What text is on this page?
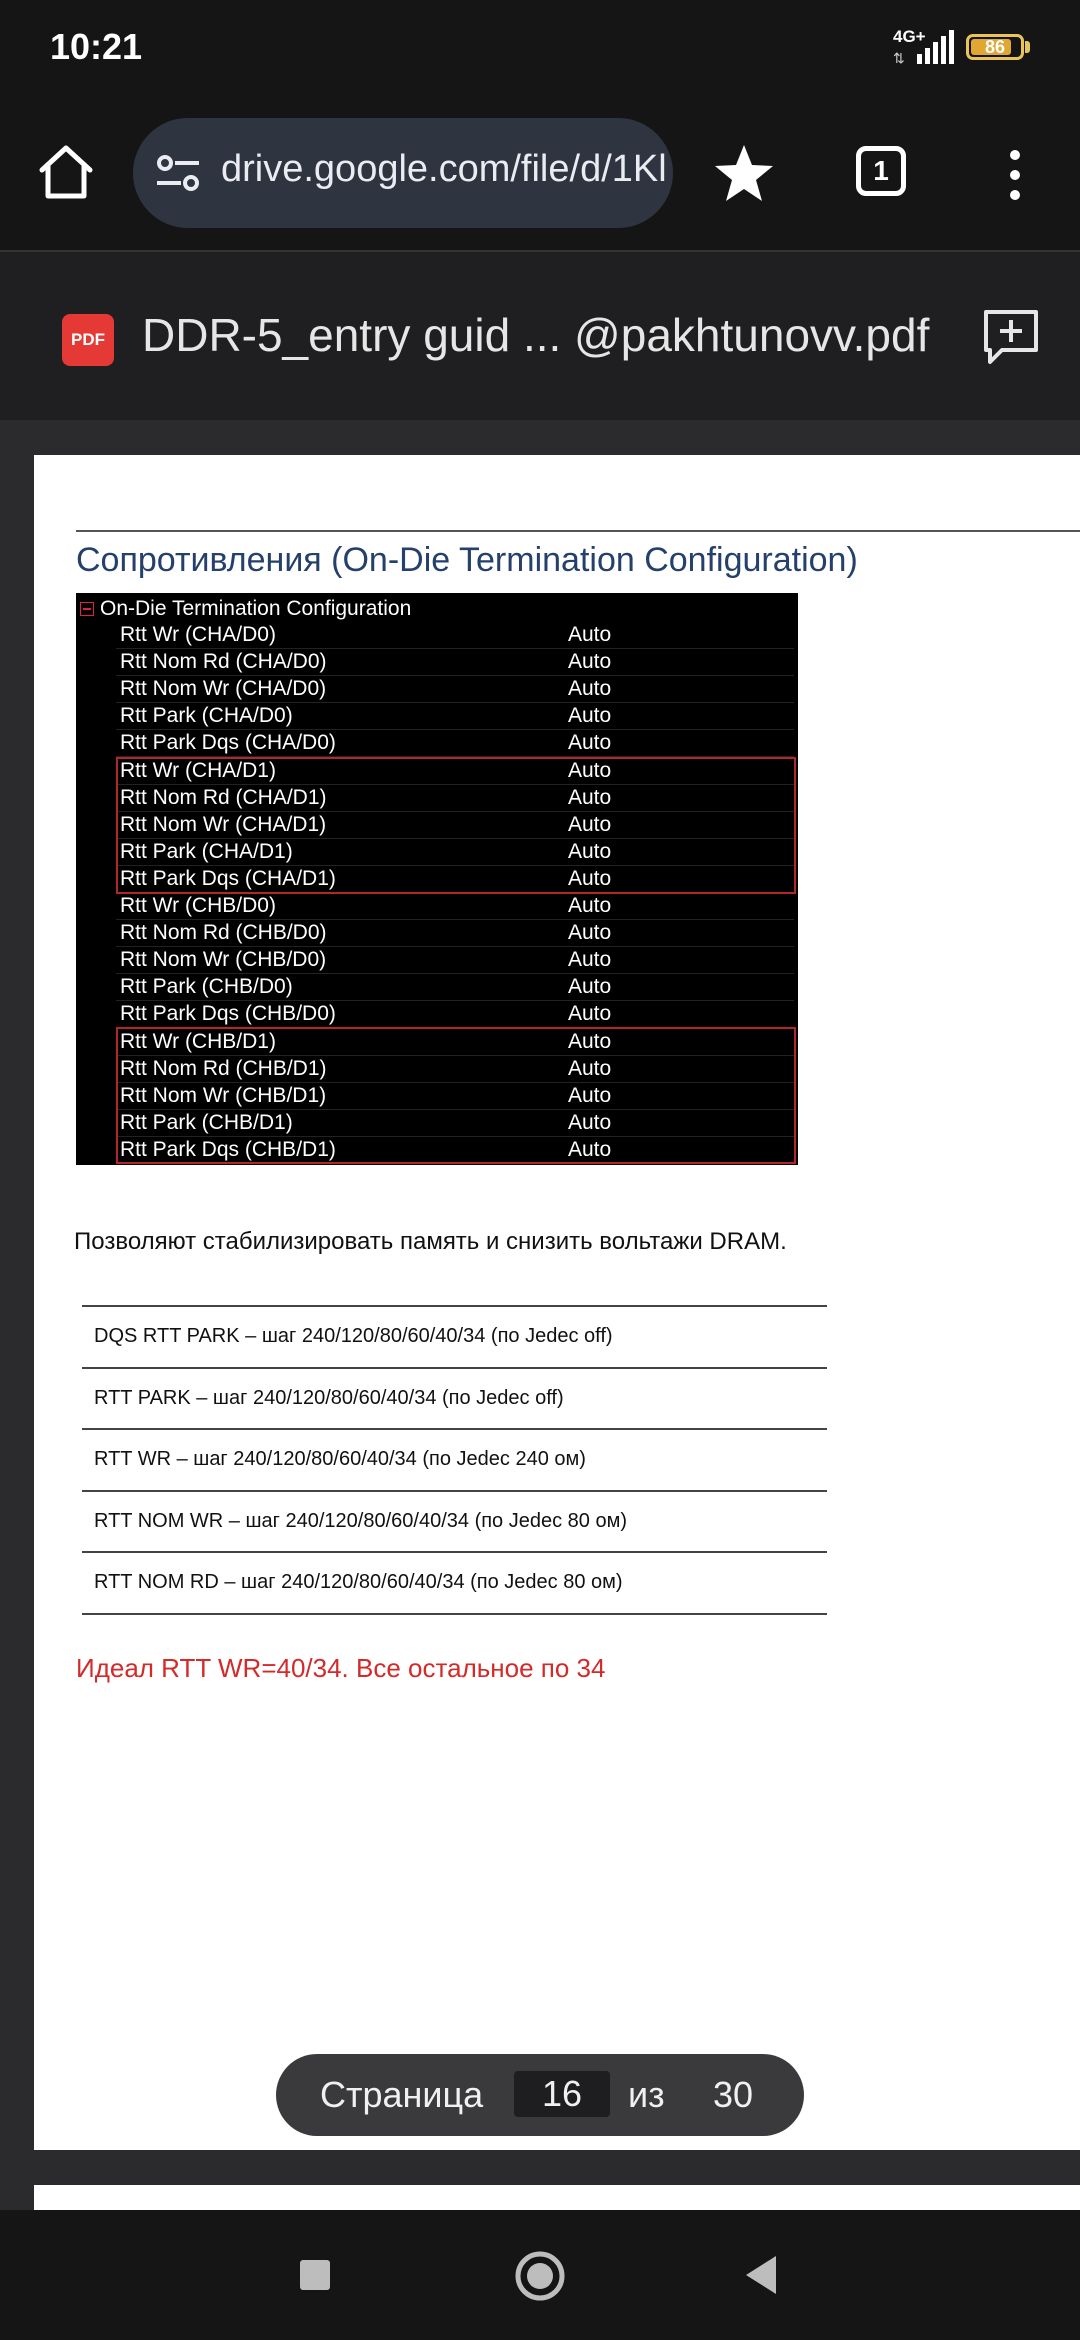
10:21	4G+
⇅
86
drive.google.com/file/d/1Kl	1
PDF DDR-5_entry guid ... @pakhtunovv.pdf
Сопротивления (On-Die Termination Configuration)
On-Die Termination Configuration
Rtt Wr (CHA/D0)	Auto
Rtt Nom Rd (CHA/D0)	Auto
Rtt Nom Wr (CHA/D0)	Auto
Rtt Park (CHA/D0)	Auto
Rtt Park Dqs (CHA/D0)	Auto
Rtt Wr (CHA/D1)	Auto
Rtt Nom Rd (CHA/D1)	Auto
Rtt Nom Wr (CHA/D1)	Auto
Rtt Park (CHA/D1)	Auto
Rtt Park Dqs (CHA/D1)	Auto
Rtt Wr (CHB/D0)	Auto
Rtt Nom Rd (CHB/D0)	Auto
Rtt Nom Wr (CHB/D0)	Auto
Rtt Park (CHB/D0)	Auto
Rtt Park Dqs (CHB/D0)	Auto
Rtt Wr (CHB/D1)	Auto
Rtt Nom Rd (CHB/D1)	Auto
Rtt Nom Wr (CHB/D1)	Auto
Rtt Park (CHB/D1)	Auto
Rtt Park Dqs (CHB/D1)	Auto
Позволяют стабилизировать память и снизить вольтажи DRAM.
DQS RTT PARK – шаг 240/120/80/60/40/34 (по Jedec off)
RTT PARK – шаг 240/120/80/60/40/34 (по Jedec off)
RTT WR – шаг 240/120/80/60/40/34 (по Jedec 240 ом)
RTT NOM WR – шаг 240/120/80/60/40/34 (по Jedec 80 ом)
RTT NOM RD – шаг 240/120/80/60/40/34 (по Jedec 80 ом)
Идеал RTT WR=40/34. Все остальное по 34
Страница	16	из 30
